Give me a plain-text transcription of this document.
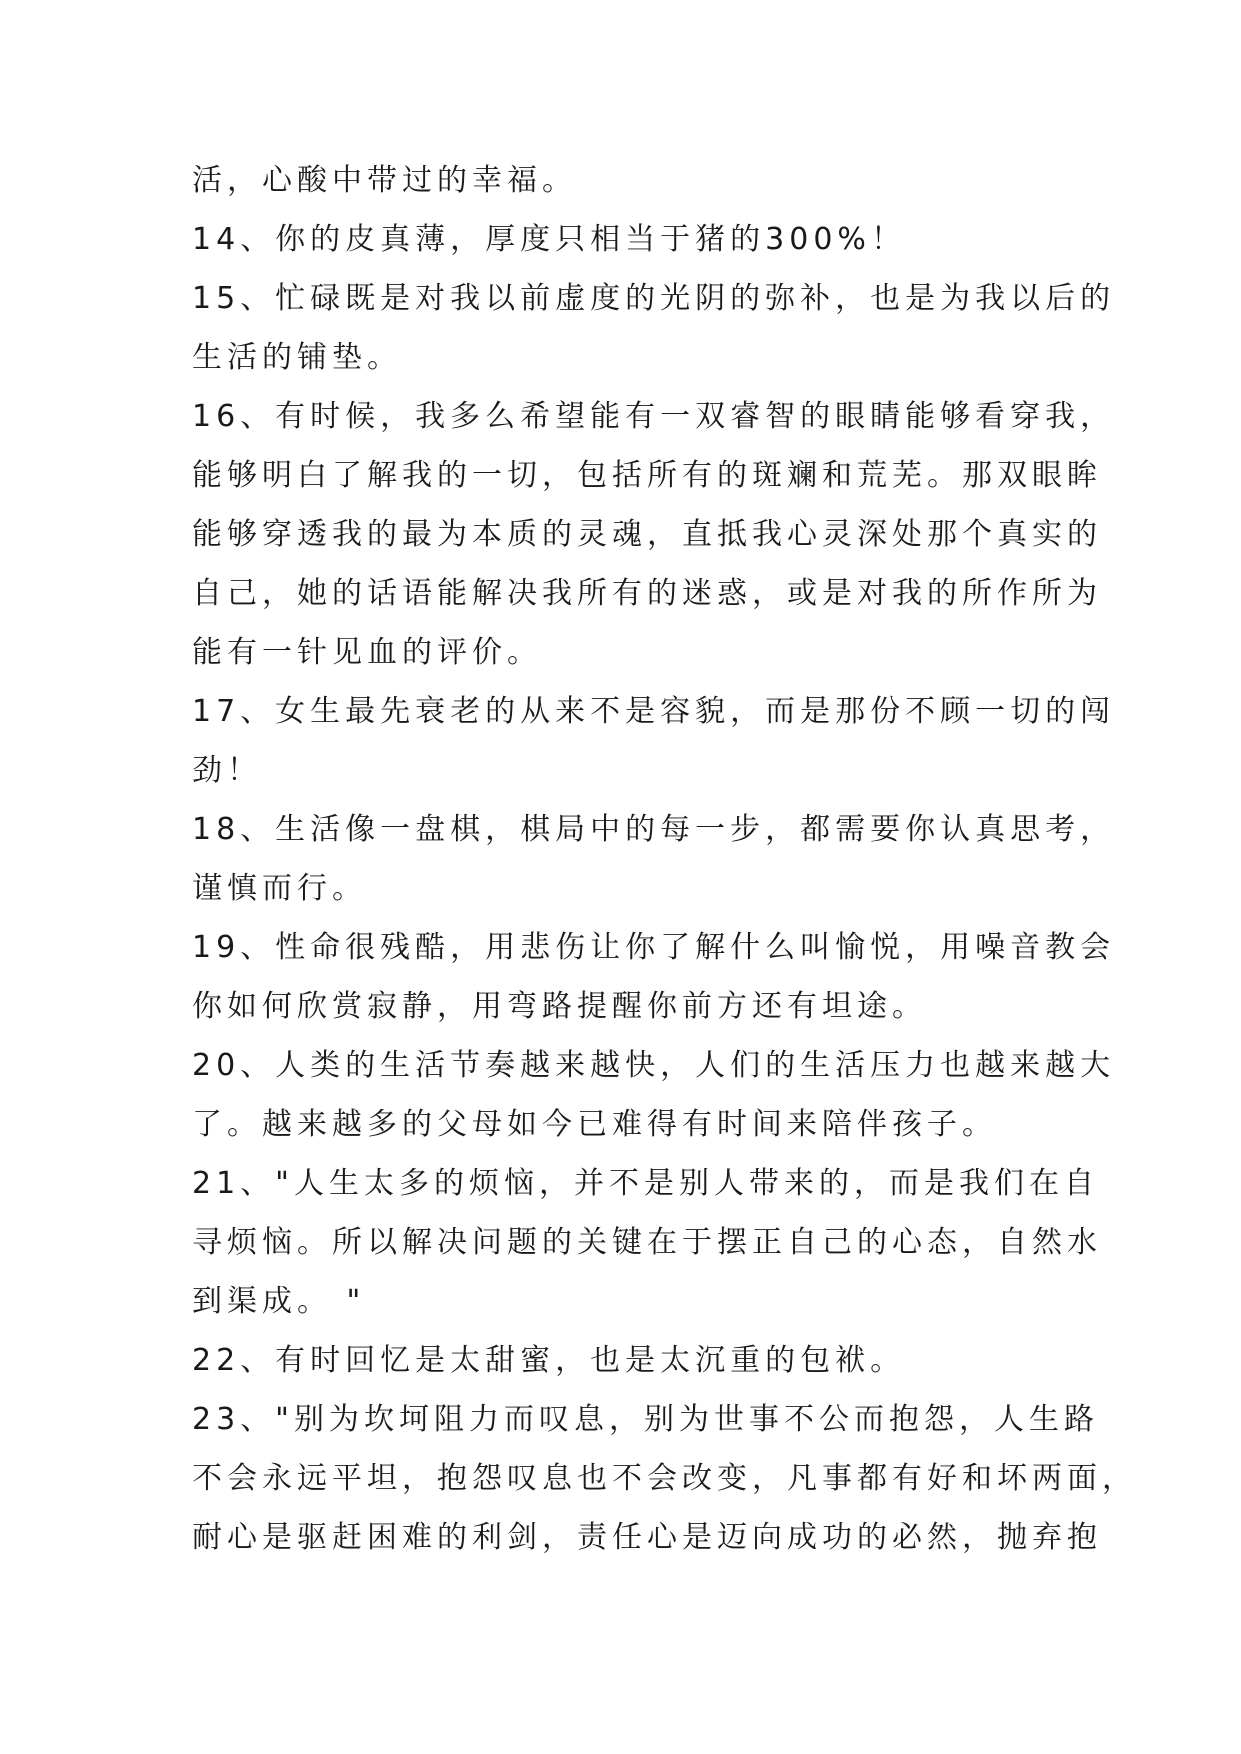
活，心酸中带过的幸福。
14、你的皮真薄，厚度只相当于猪的300%！
15、忙碌既是对我以前虚度的光阴的弥补，也是为我以后的
生活的铺垫。
16、有时候，我多么希望能有一双睿智的眼睛能够看穿我，
能够明白了解我的一切，包括所有的斑斓和荒芜。那双眼眸
能够穿透我的最为本质的灵魂，直抵我心灵深处那个真实的
自己，她的话语能解决我所有的迷惑，或是对我的所作所为
能有一针见血的评价。
17、女生最先衰老的从来不是容貌，而是那份不顾一切的闯
劲！
18、生活像一盘棋，棋局中的每一步，都需要你认真思考，
谨慎而行。
19、性命很残酷，用悲伤让你了解什么叫愉悦，用噪音教会
你如何欣赏寂静，用弯路提醒你前方还有坦途。
20、人类的生活节奏越来越快，人们的生活压力也越来越大
了。越来越多的父母如今已难得有时间来陪伴孩子。
21、"人生太多的烦恼，并不是别人带来的，而是我们在自
寻烦恼。所以解决问题的关键在于摆正自己的心态，自然水
到渠成。 "
22、有时回忆是太甜蜜，也是太沉重的包袱。
23、"别为坎坷阻力而叹息，别为世事不公而抱怨，人生路
不会永远平坦，抱怨叹息也不会改变，凡事都有好和坏两面，
耐心是驱赶困难的利剑，责任心是迈向成功的必然，抛弃抱
